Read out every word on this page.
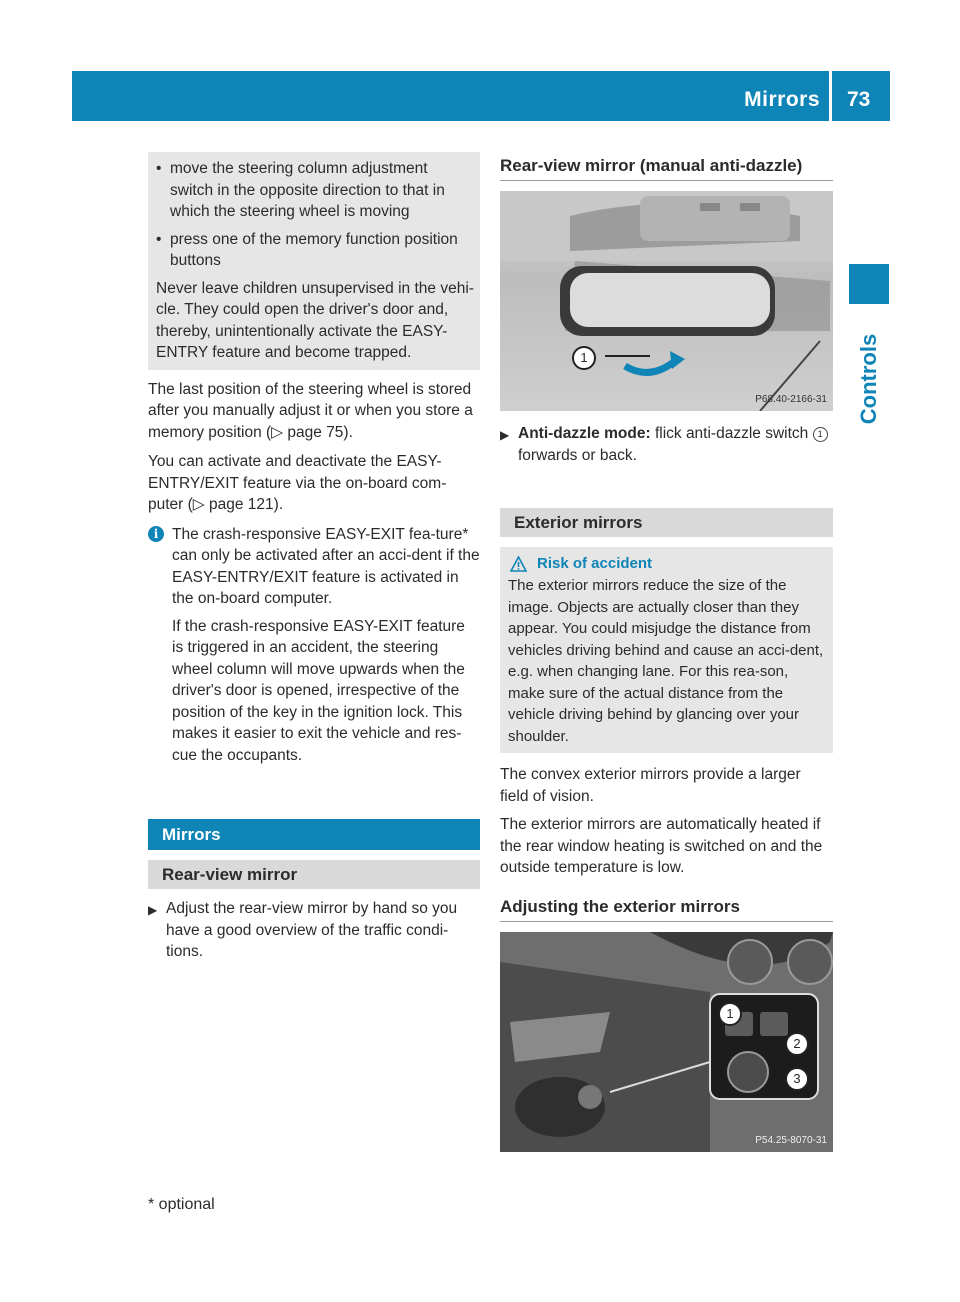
Mirrors 73
Controls
• move the steering column adjustment switch in the opposite direction to that in which the steering wheel is moving
• press one of the memory function position buttons

Never leave children unsupervised in the vehi-cle. They could open the driver's door and, thereby, unintentionally activate the EASY-ENTRY feature and become trapped.

The last position of the steering wheel is stored after you manually adjust it or when you store a memory position (▷ page 75).

You can activate and deactivate the EASY-ENTRY/EXIT feature via the on-board com-puter (▷ page 121).

i The crash-responsive EASY-EXIT fea-ture* can only be activated after an acci-dent if the EASY-ENTRY/EXIT feature is activated in the on-board computer.

If the crash-responsive EASY-EXIT feature is triggered in an accident, the steering wheel column will move upwards when the driver's door is opened, irrespective of the position of the key in the ignition lock. This makes it easier to exit the vehicle and res-cue the occupants.

Mirrors
Rear-view mirror
▶ Adjust the rear-view mirror by hand so you have a good overview of the traffic condi-tions.
Rear-view mirror (manual anti-dazzle)
1
P68.40-2166-31
▶ Anti-dazzle mode: flick anti-dazzle switch 1 forwards or back.
Exterior mirrors
Risk of accident

The exterior mirrors reduce the size of the image. Objects are actually closer than they appear. You could misjudge the distance from vehicles driving behind and cause an acci-dent, e.g. when changing lane. For this rea-son, make sure of the actual distance from the vehicle driving behind by glancing over your shoulder.

The convex exterior mirrors provide a larger field of vision.

The exterior mirrors are automatically heated if the rear window heating is switched on and the outside temperature is low.

Adjusting the exterior mirrors
1
2
3
P54.25-8070-31
* optional
